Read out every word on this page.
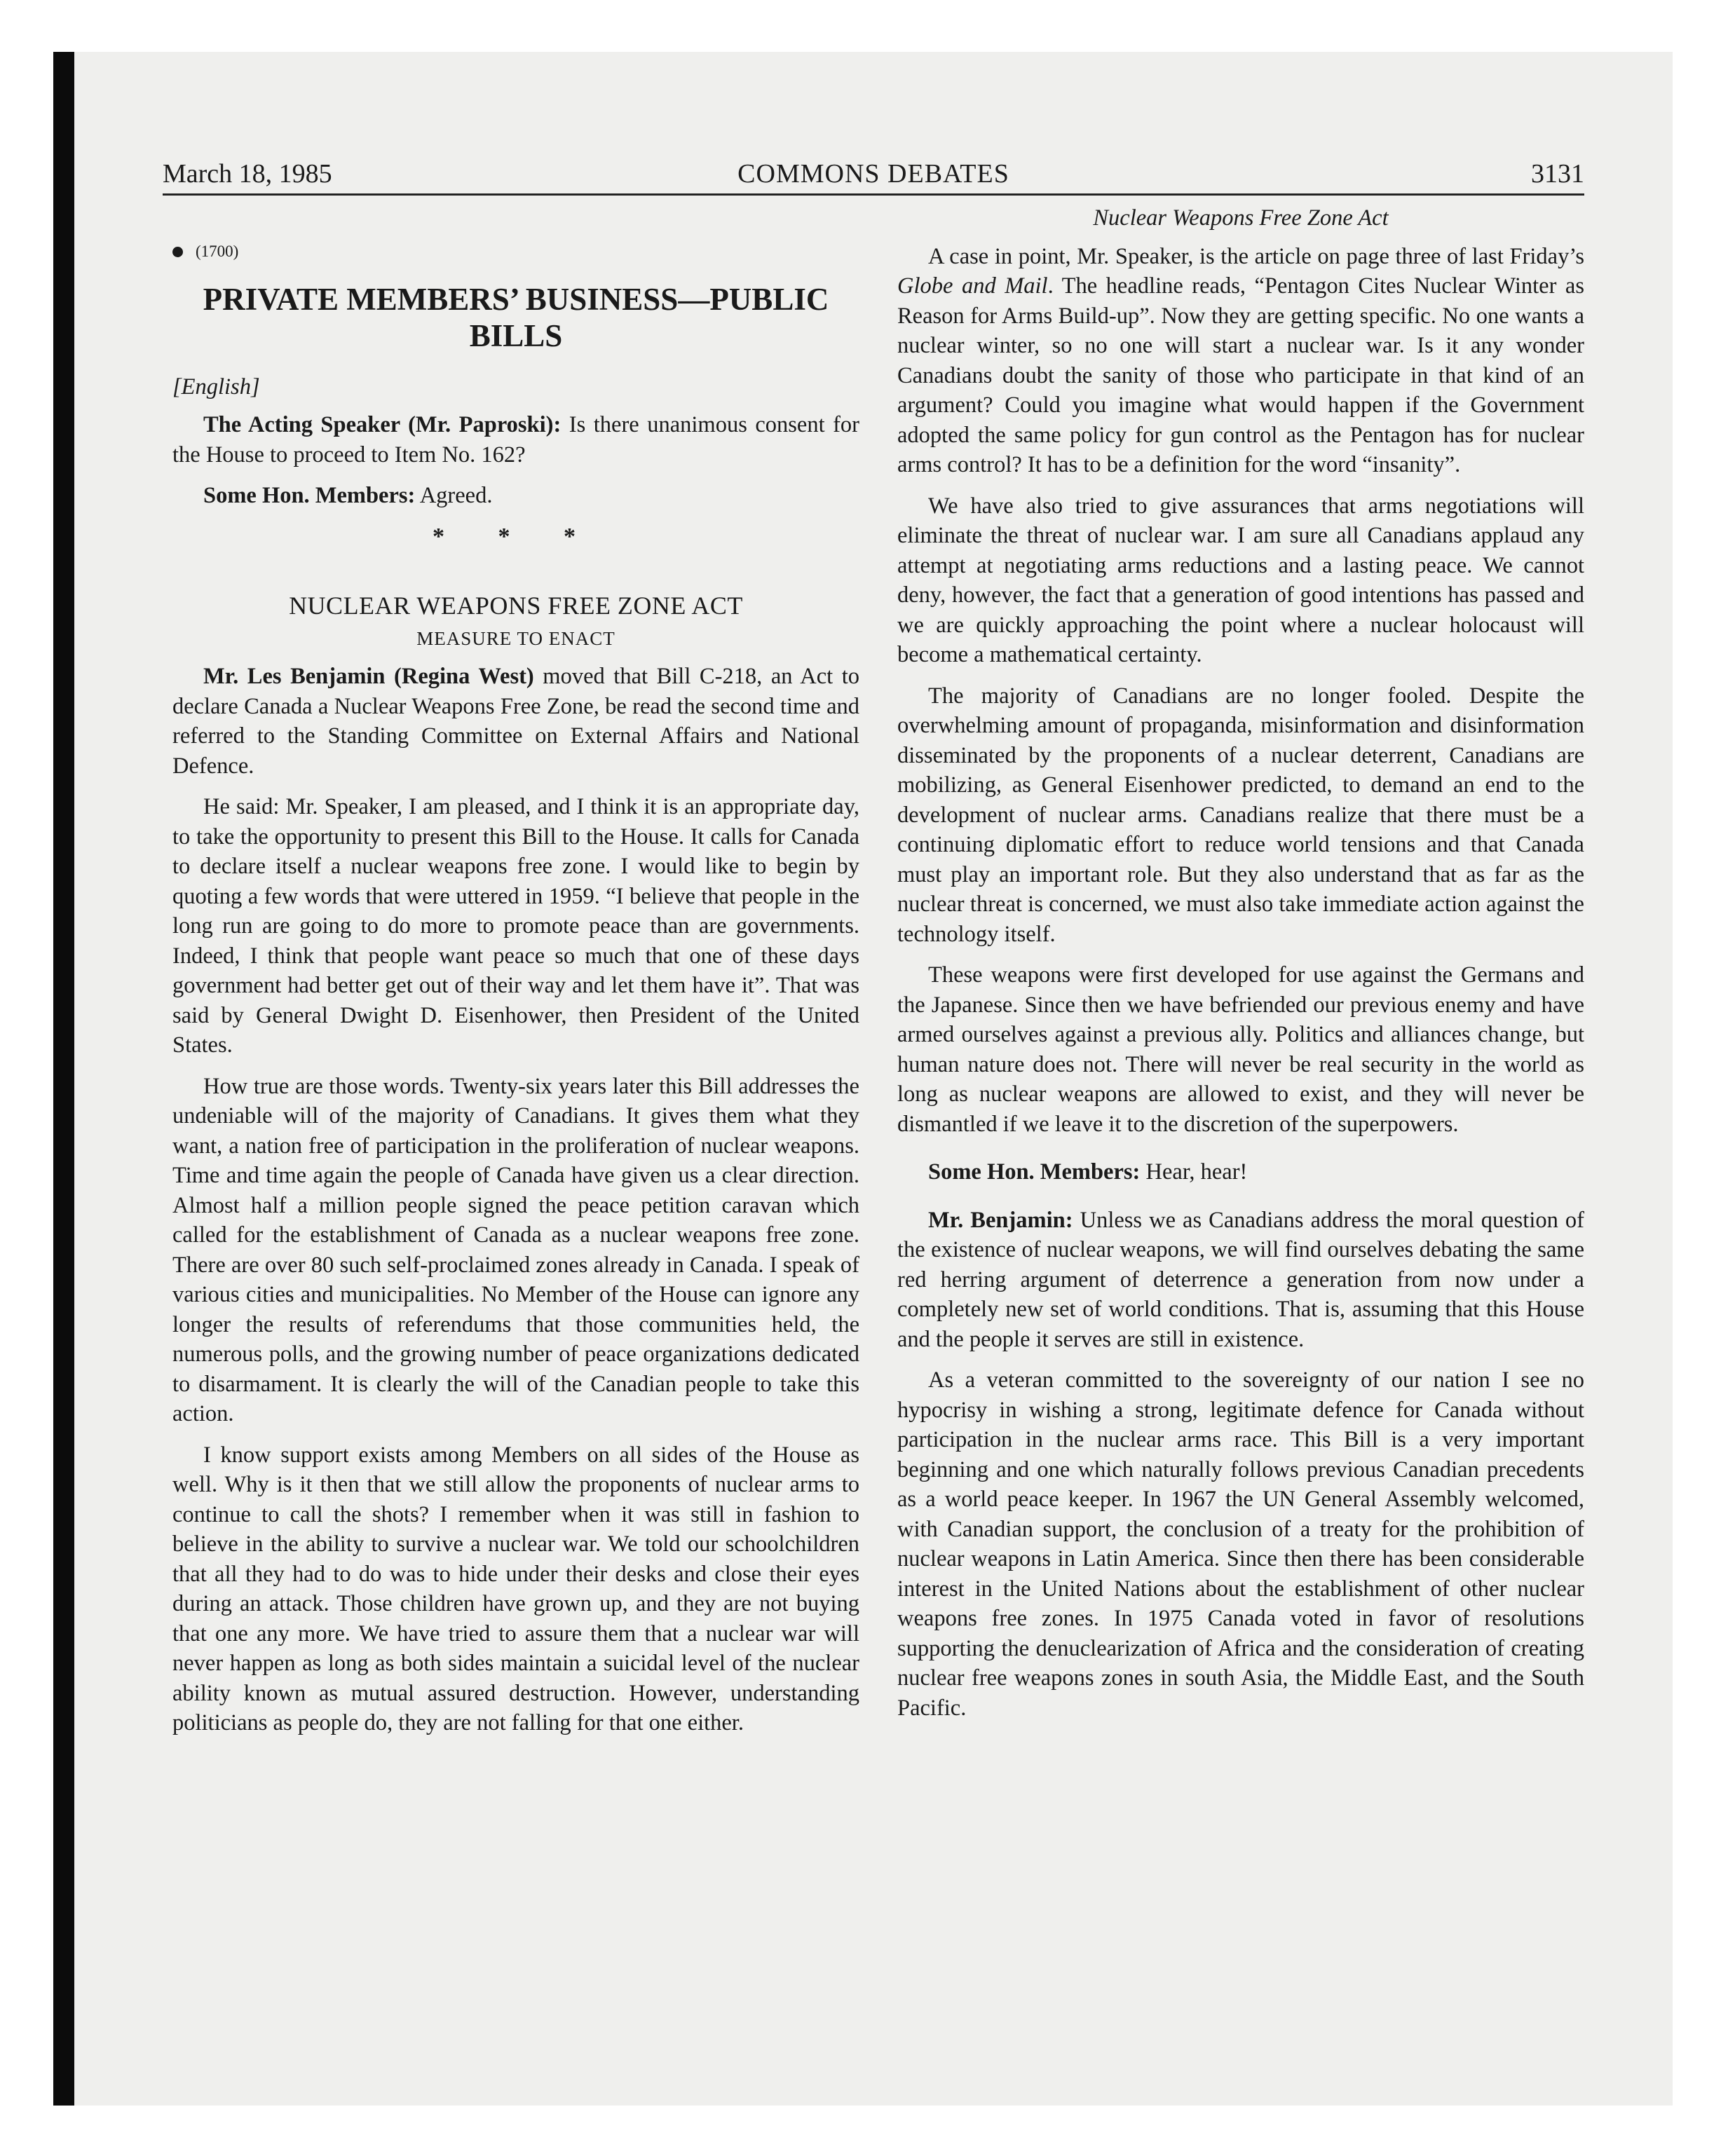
March 18, 1985	COMMONS DEBATES	3131
(1700)
PRIVATE MEMBERS’ BUSINESS—PUBLIC BILLS
[English]

The Acting Speaker (Mr. Paproski): Is there unanimous consent for the House to proceed to Item No. 162?

Some Hon. Members: Agreed.

* * *
NUCLEAR WEAPONS FREE ZONE ACT
MEASURE TO ENACT

Mr. Les Benjamin (Regina West) moved that Bill C-218, an Act to declare Canada a Nuclear Weapons Free Zone, be read the second time and referred to the Standing Committee on External Affairs and National Defence.

He said: Mr. Speaker, I am pleased, and I think it is an appropriate day, to take the opportunity to present this Bill to the House. It calls for Canada to declare itself a nuclear weapons free zone. I would like to begin by quoting a few words that were uttered in 1959. “I believe that people in the long run are going to do more to promote peace than are governments. Indeed, I think that people want peace so much that one of these days government had better get out of their way and let them have it”. That was said by General Dwight D. Eisenhower, then President of the United States.

How true are those words. Twenty-six years later this Bill addresses the undeniable will of the majority of Canadians. It gives them what they want, a nation free of participation in the proliferation of nuclear weapons. Time and time again the people of Canada have given us a clear direction. Almost half a million people signed the peace petition caravan which called for the establishment of Canada as a nuclear weapons free zone. There are over 80 such self-proclaimed zones already in Canada. I speak of various cities and municipalities. No Member of the House can ignore any longer the results of referendums that those communities held, the numerous polls, and the growing number of peace organizations dedicated to disarmament. It is clearly the will of the Canadian people to take this action.

I know support exists among Members on all sides of the House as well. Why is it then that we still allow the proponents of nuclear arms to continue to call the shots? I remember when it was still in fashion to believe in the ability to survive a nuclear war. We told our schoolchildren that all they had to do was to hide under their desks and close their eyes during an attack. Those children have grown up, and they are not buying that one any more. We have tried to assure them that a nuclear war will never happen as long as both sides maintain a suicidal level of the nuclear ability known as mutual assured destruction. However, understanding politicians as people do, they are not falling for that one either.

Nuclear Weapons Free Zone Act

A case in point, Mr. Speaker, is the article on page three of last Friday’s Globe and Mail. The headline reads, “Pentagon Cites Nuclear Winter as Reason for Arms Build-up”. Now they are getting specific. No one wants a nuclear winter, so no one will start a nuclear war. Is it any wonder Canadians doubt the sanity of those who participate in that kind of an argument? Could you imagine what would happen if the Government adopted the same policy for gun control as the Pentagon has for nuclear arms control? It has to be a definition for the word “insanity”.

We have also tried to give assurances that arms negotiations will eliminate the threat of nuclear war. I am sure all Canadians applaud any attempt at negotiating arms reductions and a lasting peace. We cannot deny, however, the fact that a generation of good intentions has passed and we are quickly approaching the point where a nuclear holocaust will become a mathematical certainty.

The majority of Canadians are no longer fooled. Despite the overwhelming amount of propaganda, misinformation and disinformation disseminated by the proponents of a nuclear deterrent, Canadians are mobilizing, as General Eisenhower predicted, to demand an end to the development of nuclear arms. Canadians realize that there must be a continuing diplomatic effort to reduce world tensions and that Canada must play an important role. But they also understand that as far as the nuclear threat is concerned, we must also take immediate action against the technology itself.

These weapons were first developed for use against the Germans and the Japanese. Since then we have befriended our previous enemy and have armed ourselves against a previous ally. Politics and alliances change, but human nature does not. There will never be real security in the world as long as nuclear weapons are allowed to exist, and they will never be dismantled if we leave it to the discretion of the superpowers.

Some Hon. Members: Hear, hear!

Mr. Benjamin: Unless we as Canadians address the moral question of the existence of nuclear weapons, we will find ourselves debating the same red herring argument of deterrence a generation from now under a completely new set of world conditions. That is, assuming that this House and the people it serves are still in existence.

As a veteran committed to the sovereignty of our nation I see no hypocrisy in wishing a strong, legitimate defence for Canada without participation in the nuclear arms race. This Bill is a very important beginning and one which naturally follows previous Canadian precedents as a world peace keeper. In 1967 the UN General Assembly welcomed, with Canadian support, the conclusion of a treaty for the prohibition of nuclear weapons in Latin America. Since then there has been considerable interest in the United Nations about the establishment of other nuclear weapons free zones. In 1975 Canada voted in favor of resolutions supporting the denuclearization of Africa and the consideration of creating nuclear free weapons zones in south Asia, the Middle East, and the South Pacific.
